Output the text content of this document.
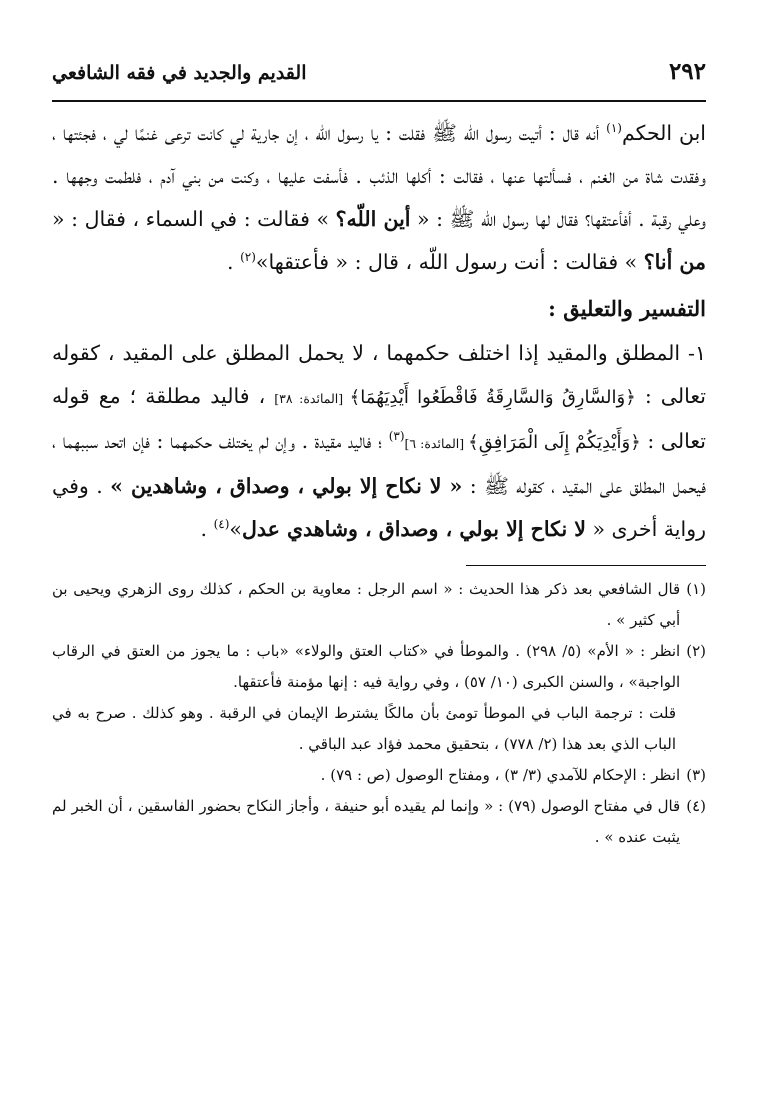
٢٩٢
القديم والجديد في فقه الشافعي
ابن الحكم$^{(١)}$ أنه قال : أتيت رسول اللّه ﷺ فقلت : يا رسول اللّه ، إن جارية لي كانت ترعى غنمًا لي ، فجئتها ، وفقدت شاة من الغنم ، فسألتها عنها ، فقالت : أكلها الذئب . فأسفت عليها ، وكنت من بني آدم ، فلطمت وجهها . وعلي رقبة . أفأعتقها؟ فقال لها رسول اللّه ﷺ : « أين اللّه؟ » فقالت : في السماء ، فقال : « من أنا؟ » فقالت : أنت رسول اللّه ، قال : « فأعتقها»$^{(٢)}$ .
التفسير والتعليق :
١- المطلق والمقيد إذا اختلف حكمهما ، لا يحمل المطلق على المقيد ، كقوله تعالى : ﴿وَالسَّارِقُ وَالسَّارِقَةُ فَاقْطَعُوا أَيْدِيَهُمَا﴾ [المائدة: ٣٨] ، فاليد مطلقة ؛ مع قوله تعالى : ﴿وَأَيْدِيَكُمْ إِلَى الْمَرَافِقِ﴾ [المائدة: ٦]$^{(٣)}$ ؛ فاليد مقيدة . وإن لم يختلف حكمهما : فإن اتحد سببهما ، فيحمل المطلق على المقيد ، كقوله ﷺ : « لا نكاح إلا بولي ، وصداق ، وشاهدين » . وفي رواية أخرى « لا نكاح إلا بولي ، وصداق ، وشاهدي عدل»$^{(٤)}$ .
(١)
قال الشافعي بعد ذكر هذا الحديث : « اسم الرجل : معاوية بن الحكم ، كذلك روى الزهري ويحيى بن أبي كثير » .
(٢)
انظر : « الأم» (٥/ ٢٩٨) . والموطأ في «كتاب العتق والولاء» «باب : ما يجوز من العتق في الرقاب الواجبة» ، والسنن الكبرى (١٠/ ٥٧) ، وفي رواية فيه : إنها مؤمنة فأعتقها.
قلت : ترجمة الباب في الموطأ تومئ بأن مالكًا يشترط الإيمان في الرقبة . وهو كذلك . صرح به في الباب الذي بعد هذا (٢/ ٧٧٨) ، بتحقيق محمد فؤاد عبد الباقي .
(٣)
انظر : الإحكام للآمدي (٣/ ٣) ، ومفتاح الوصول (ص : ٧٩) .
(٤)
قال في مفتاح الوصول (٧٩) : « وإنما لم يقيده أبو حنيفة ، وأجاز النكاح بحضور الفاسقين ، أن الخبر لم يثبت عنده » .
